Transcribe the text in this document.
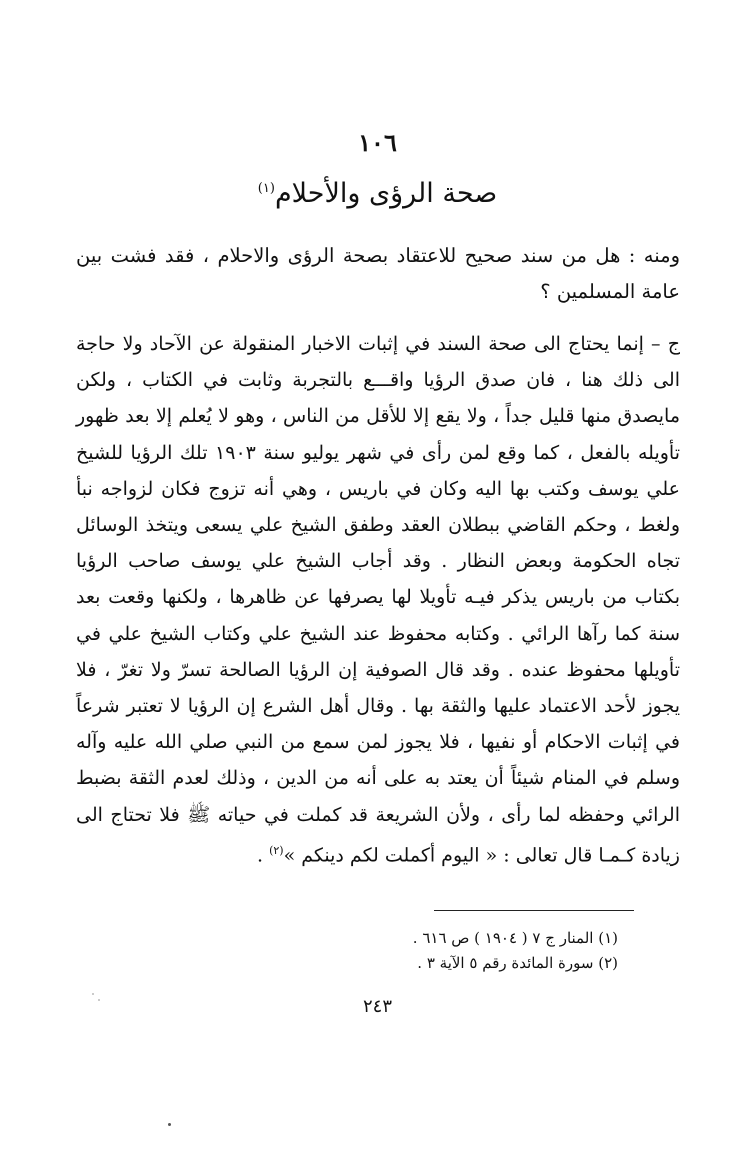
١٠٦
صحة الرؤى والأحلام$^{(١)}$

ومنه : هل من سند صحيح للاعتقاد بصحة الرؤى والاحلام ، فقد فشت بين عامة المسلمين ؟

ج – إنما يحتاج الى صحة السند في إثبات الاخبار المنقولة عن الآحاد ولا حاجة الى ذلك هنا ، فان صدق الرؤيا واقـــع بالتجربة وثابت في الكتاب ، ولكن مايصدق منها قليل جداً ، ولا يقع إلا للأقل من الناس ، وهو لا يُعلم إلا بعد ظهور تأويله بالفعل ، كما وقع لمن رأى في شهر يوليو سنة ١٩٠٣ تلك الرؤيا للشيخ علي يوسف وكتب بها اليه وكان في باريس ، وهي أنه تزوج فكان لزواجه نبأ ولغط ، وحكم القاضي ببطلان العقد وطفق الشيخ علي يسعى ويتخذ الوسائل تجاه الحكومة وبعض النظار . وقد أجاب الشيخ علي يوسف صاحب الرؤيا بكتاب من باريس يذكر فيـه تأويلا لها يصرفها عن ظاهرها ، ولكنها وقعت بعد سنة كما رآها الرائي . وكتابه محفوظ عند الشيخ علي وكتاب الشيخ علي في تأويلها محفوظ عنده . وقد قال الصوفية إن الرؤيا الصالحة تسرّ ولا تغرّ ، فلا يجوز لأحد الاعتماد عليها والثقة بها . وقال أهل الشرع إن الرؤيا لا تعتبر شرعاً في إثبات الاحكام أو نفيها ، فلا يجوز لمن سمع من النبي صلي الله عليه وآله وسلم في المنام شيئاً أن يعتد به على أنه من الدين ، وذلك لعدم الثقة بضبط الرائي وحفظه لما رأى ، ولأن الشريعة قد كملت في حياته ﷺ فلا تحتاج الى زيادة كـمـا قال تعالى : « اليوم أكملت لكم دينكم »$^{(٢)}$ .

(١) المنار ج ٧ ( ١٩٠٤ ) ص ٦١٦ .
(٢) سورة المائدة رقم ٥ الآية ٣ .
٢٤٣
